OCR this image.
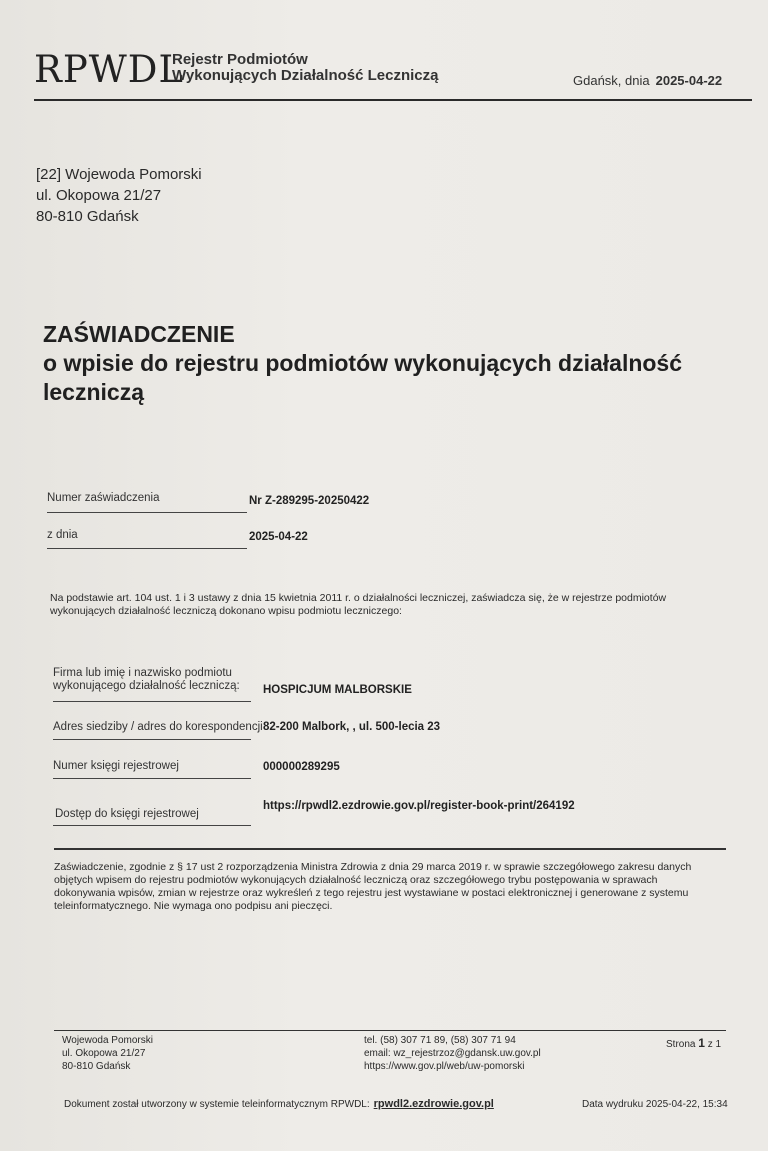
RPWDL
Rejestr Podmiotów
Wykonujących Działalność Leczniczą	Gdańsk, dnia 2025-04-22
[22] Wojewoda Pomorski
ul. Okopowa 21/27
80-810 Gdańsk
ZAŚWIADCZENIE
o wpisie do rejestru podmiotów wykonujących działalność
leczniczą
Numer zaświadczenia	Nr Z-289295-20250422
z dnia	2025-04-22
Na podstawie art. 104 ust. 1 i 3 ustawy z dnia 15 kwietnia 2011 r. o działalności leczniczej, zaświadcza się, że w rejestrze podmiotów wykonujących działalność leczniczą dokonano wpisu podmiotu leczniczego:
Firma lub imię i nazwisko podmiotu
wykonującego działalność leczniczą: HOSPICJUM MALBORSKIE
Adres siedziby / adres do korespondencji 82-200 Malbork, , ul. 500-lecia 23
Numer księgi rejestrowej	000000289295
Dostęp do księgi rejestrowej
https://rpwdl2.ezdrowie.gov.pl/register-book-print/264192
Zaświadczenie, zgodnie z § 17 ust 2 rozporządzenia Ministra Zdrowia z dnia 29 marca 2019 r. w sprawie szczegółowego zakresu danych objętych wpisem do rejestru podmiotów wykonujących działalność leczniczą oraz szczegółowego trybu postępowania w sprawach dokonywania wpisów, zmian w rejestrze oraz wykreśleń z tego rejestru jest wystawiane w postaci elektronicznej i generowane z systemu teleinformatycznego. Nie wymaga ono podpisu ani pieczęci.
Wojewoda Pomorski
ul. Okopowa 21/27
80-810 Gdańsk
tel. (58) 307 71 89, (58) 307 71 94
email: wz_rejestrzoz@gdansk.uw.gov.pl
https://www.gov.pl/web/uw-pomorski
Strona 1 z 1
Dokument został utworzony w systemie teleinformatycznym RPWDL: rpwdl2.ezdrowie.gov.pl	Data wydruku 2025-04-22, 15:34
